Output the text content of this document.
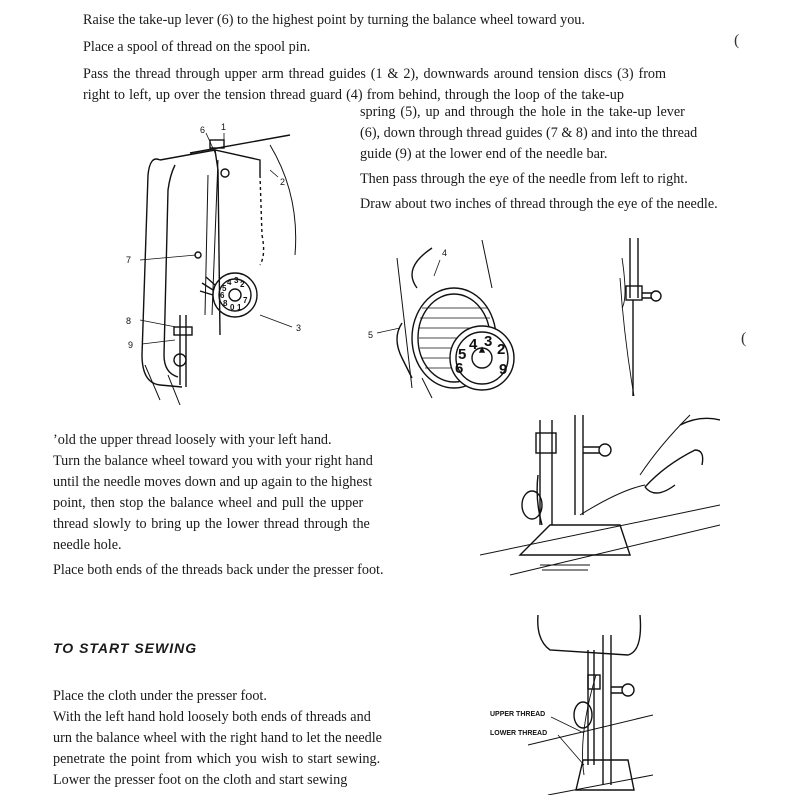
Raise the take-up lever (6) to the highest point by turning the balance wheel toward you.
Place a spool of thread on the spool pin.
Pass the thread through upper arm thread guides (1 & 2), downwards around tension discs (3) from
right to left, up over the tension thread guard (4) from behind, through the loop of the take-up
spring (5), up and through the hole in the take-up lever
(6), down through thread guides (7 & 8) and into the thread
guide (9) at the lower end of the needle bar.
Then pass through the eye of the needle from left to right.
Draw about two inches of thread through the eye of the needle.
(
(
1
2
3
6
7
8
9
2
3
4
5
6
8 0 1
7
4
5
2
3
4
5
6 9
’old the upper thread loosely with your left hand.
Turn the balance wheel toward you with your right hand
until the needle moves down and up again to the highest
point, then stop the balance wheel and pull the upper
thread slowly to bring up the lower thread through the
needle hole.
Place both ends of the threads back under the presser foot.
TO START SEWING
Place the cloth under the presser foot.
With the left hand hold loosely both ends of threads and
urn the balance wheel with the right hand to let the needle
penetrate the point from which you wish to start sewing.
Lower the presser foot on the cloth and start sewing
UPPER THREAD
LOWER THREAD
